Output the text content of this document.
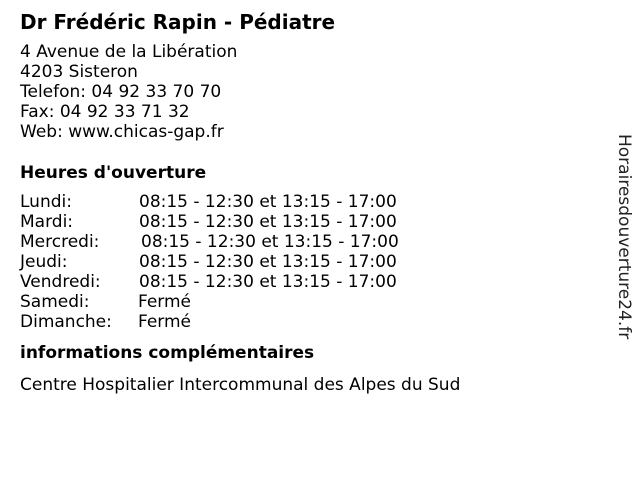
Dr Frédéric Rapin - Pédiatre
4 Avenue de la Libération
4203 Sisteron
Telefon: 04 92 33 70 70
Fax: 04 92 33 71 32
Web: www.chicas-gap.fr
Heures d'ouverture
Lundi:	08:15 - 12:30 et 13:15 - 17:00
Mardi:	08:15 - 12:30 et 13:15 - 17:00
Mercredi: 08:15 - 12:30 et 13:15 - 17:00
Jeudi:	08:15 - 12:30 et 13:15 - 17:00
Vendredi: 08:15 - 12:30 et 13:15 - 17:00
Samedi:	Fermé
Dimanche: Fermé
informations complémentaires
Centre Hospitalier Intercommunal des Alpes du Sud
Horairesdouverture24.fr
